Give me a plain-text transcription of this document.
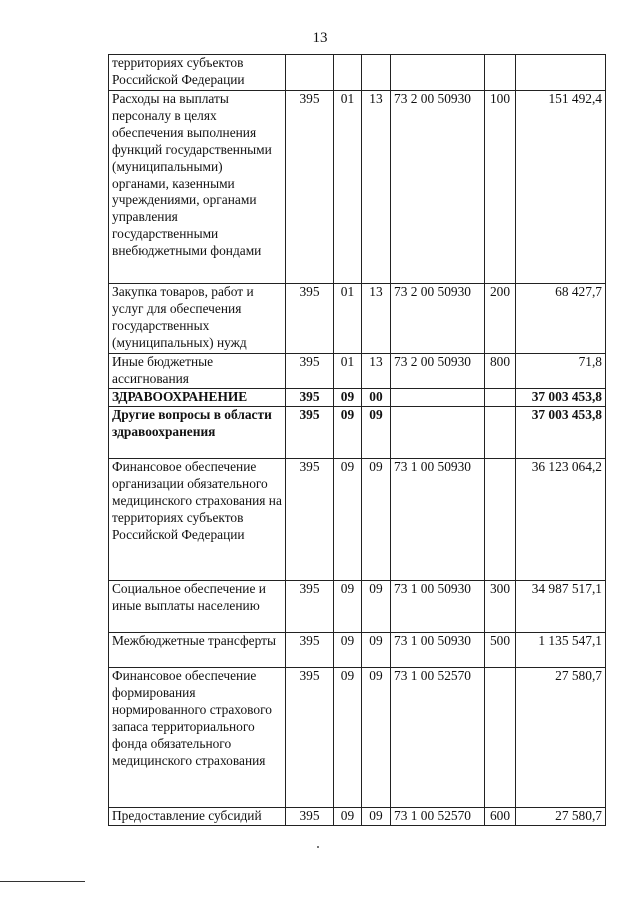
13
территориях субъектов Российской Федерации						
Расходы на выплаты персоналу в целях обеспечения выполнения функций государственными (муниципальными) органами, казенными учреждениями, органами управления государственными внебюджетными фондами	395	01	13	73 2 00 50930	100	151 492,4
Закупка товаров, работ и услуг для обеспечения государственных (муниципальных) нужд	395	01	13	73 2 00 50930	200	68 427,7
Иные бюджетные ассигнования	395	01	13	73 2 00 50930	800	71,8
ЗДРАВООХРАНЕНИЕ	395	09	00			37 003 453,8
Другие вопросы в области здравоохранения	395	09	09			37 003 453,8
Финансовое обеспечение организации обязательного медицинского страхования на территориях субъектов Российской Федерации	395	09	09	73 1 00 50930		36 123 064,2
Социальное обеспечение и иные выплаты населению	395	09	09	73 1 00 50930	300	34 987 517,1
Межбюджетные трансферты	395	09	09	73 1 00 50930	500	1 135 547,1
Финансовое обеспечение формирования нормированного страхового запаса территориального фонда обязательного медицинского страхования	395	09	09	73 1 00 52570		27 580,7
Предоставление субсидий	395	09	09	73 1 00 52570	600	27 580,7
